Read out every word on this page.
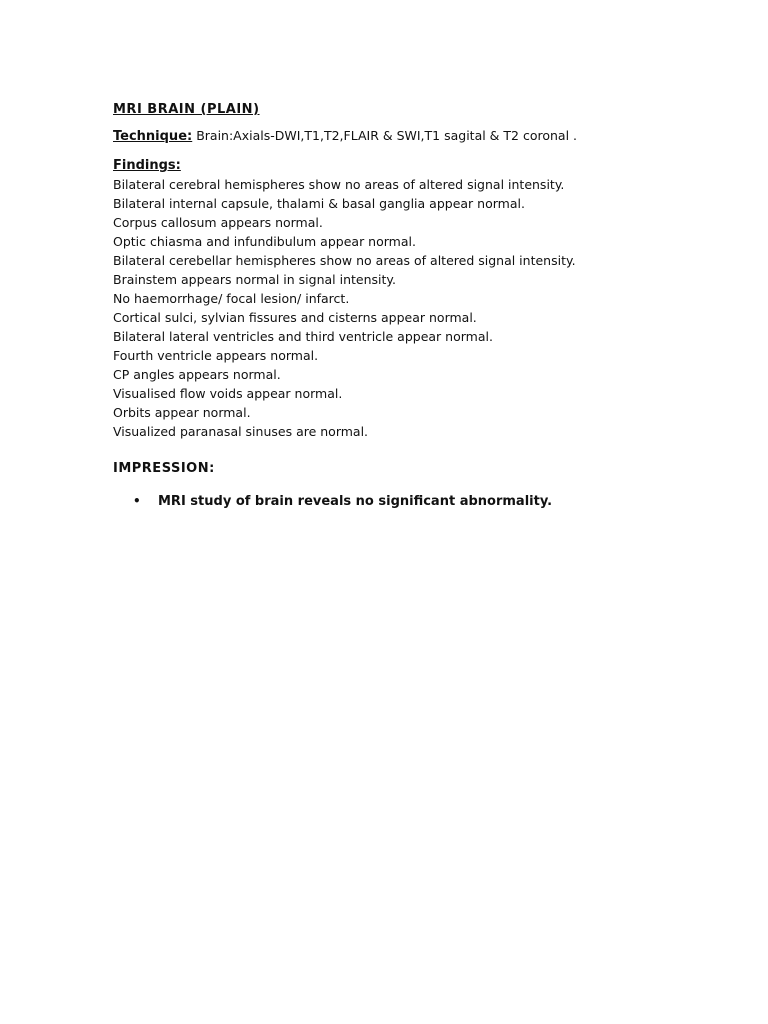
MRI BRAIN (PLAIN)
Technique: Brain:Axials-DWI,T1,T2,FLAIR & SWI,T1 sagital & T2 coronal .
Findings:
Bilateral cerebral hemispheres show no areas of altered signal intensity.
Bilateral internal capsule, thalami & basal ganglia appear normal.
Corpus callosum appears normal.
Optic chiasma and infundibulum appear normal.
Bilateral cerebellar hemispheres show no areas of altered signal intensity.
Brainstem appears normal in signal intensity.
No haemorrhage/ focal lesion/ infarct.
Cortical sulci, sylvian fissures and cisterns appear normal.
Bilateral lateral ventricles and third ventricle appear normal.
Fourth ventricle appears normal.
CP angles appears normal.
Visualised flow voids appear normal.
Orbits appear normal.
Visualized paranasal sinuses are normal.
IMPRESSION:
• MRI study of brain reveals no significant abnormality.
